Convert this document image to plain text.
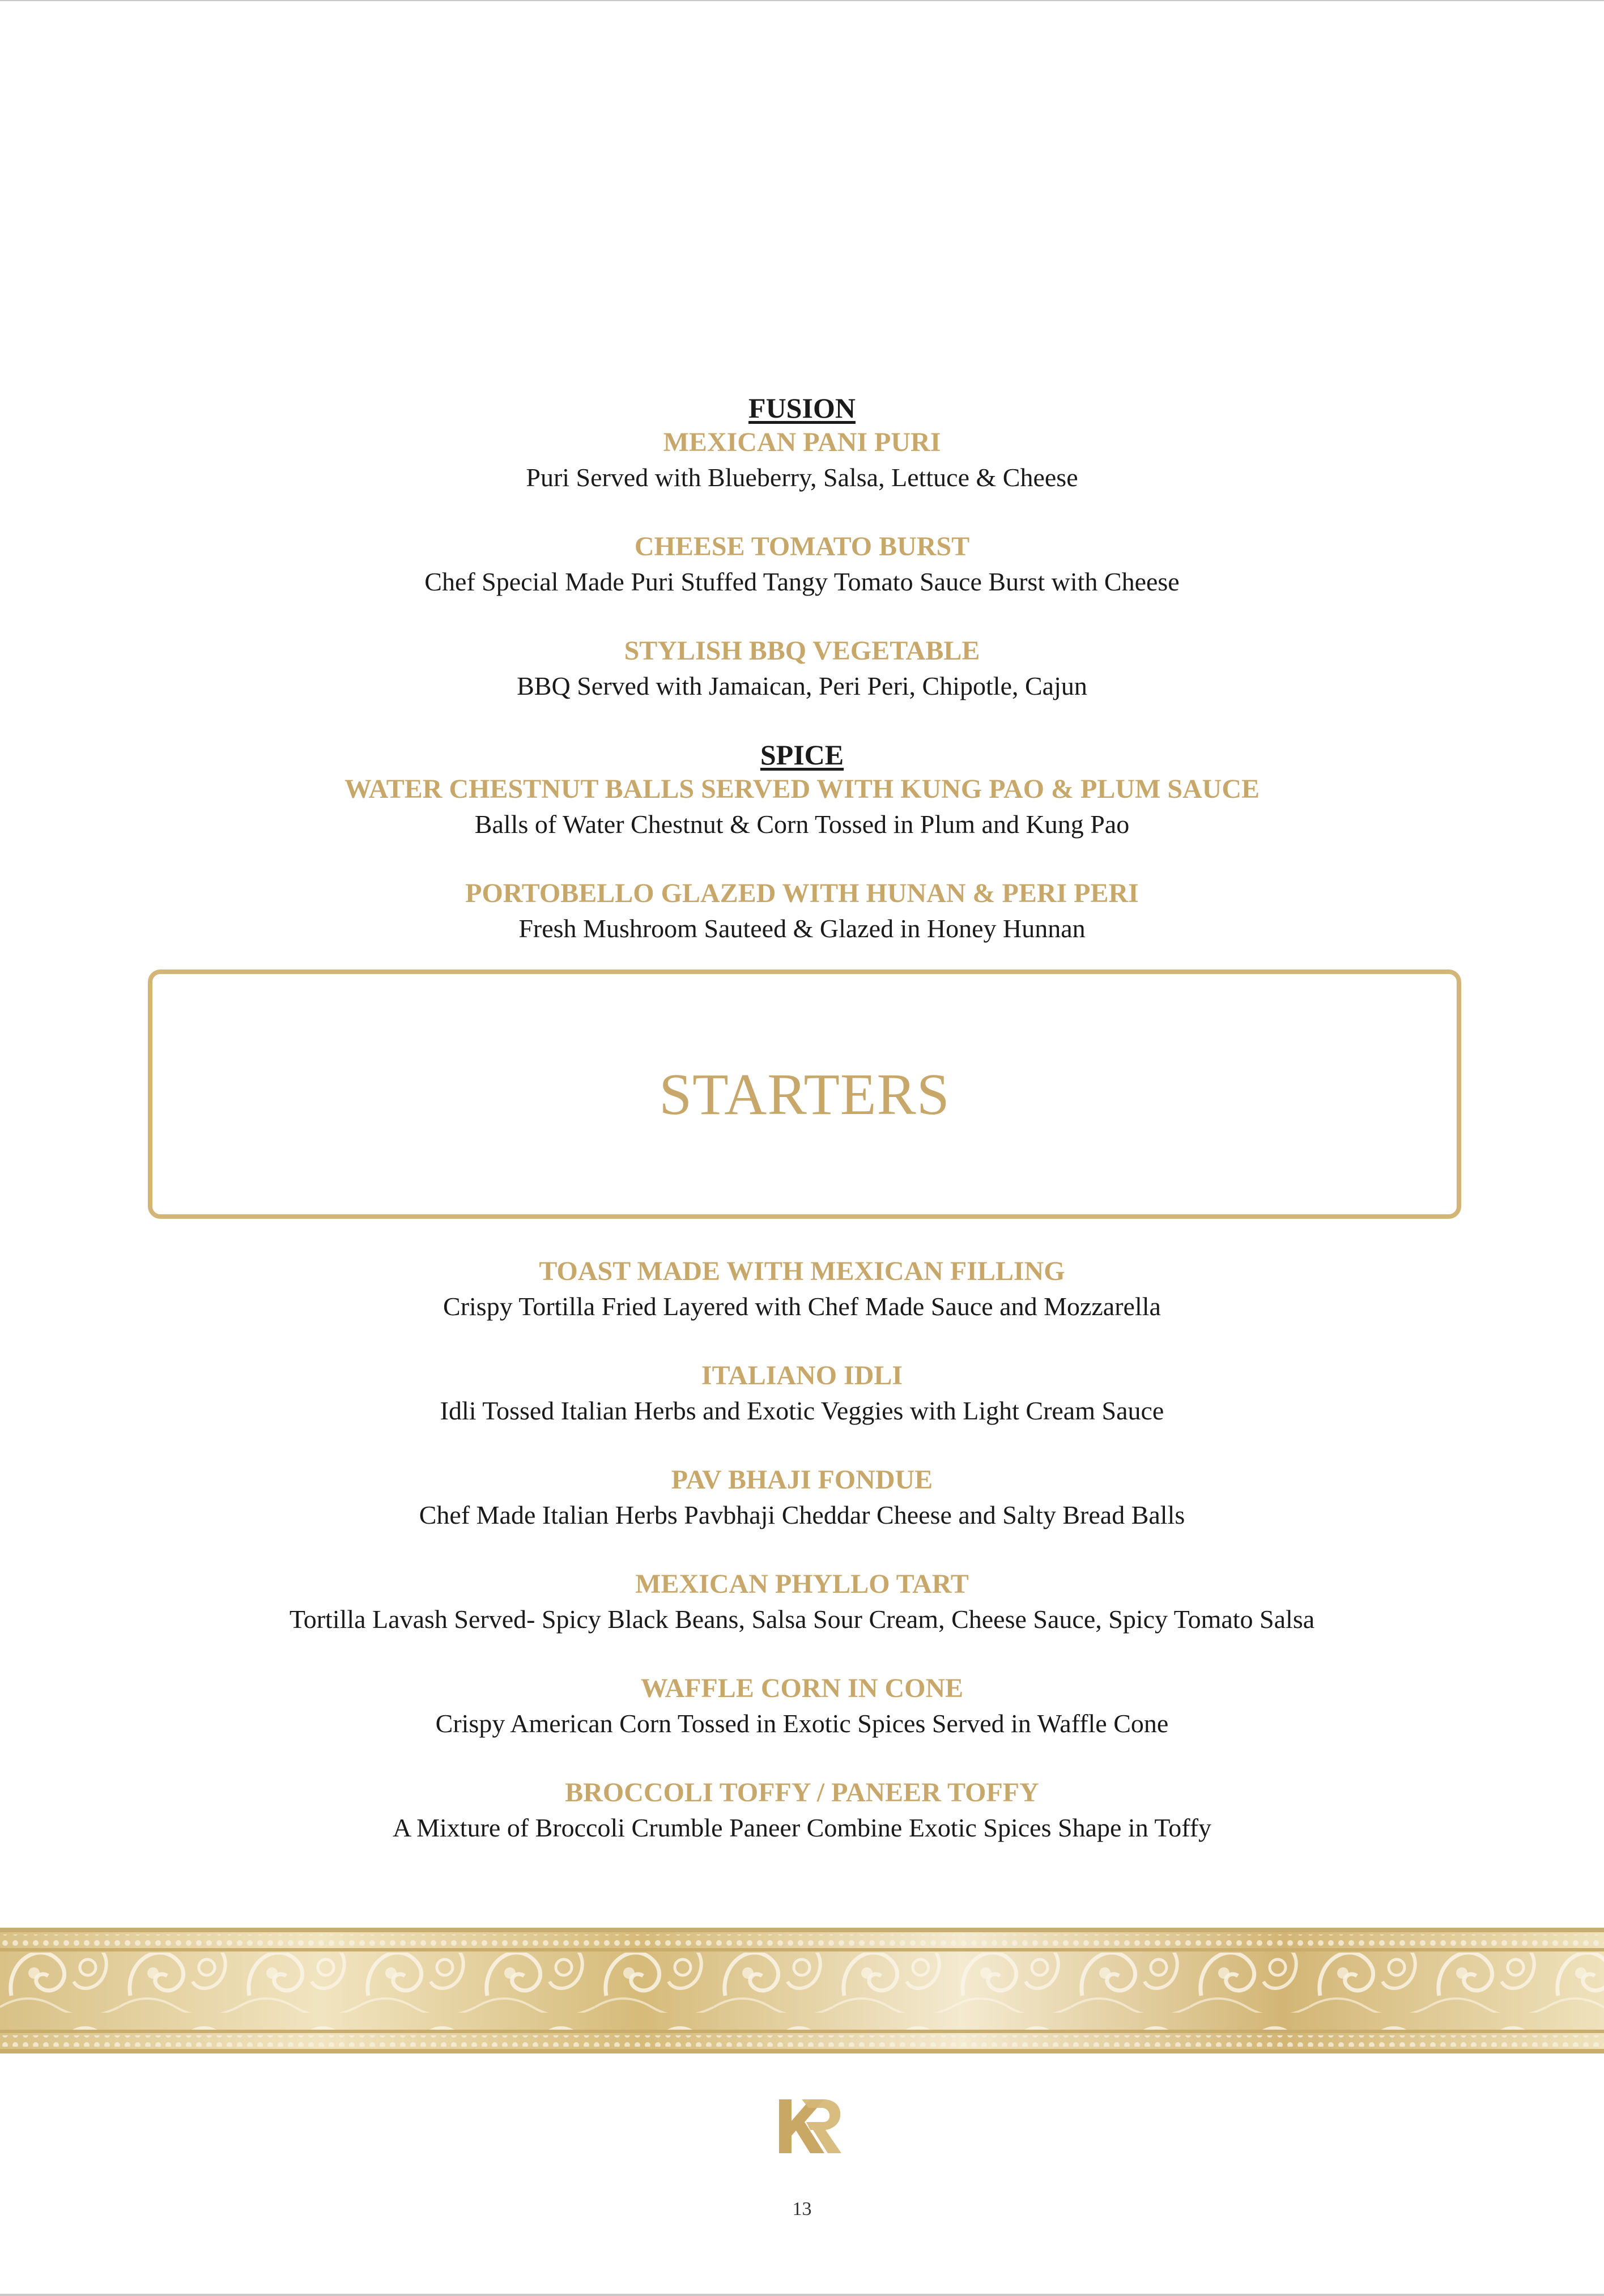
FUSION

MEXICAN PANI PURI

Puri Served with Blueberry, Salsa, Lettuce & Cheese

CHEESE TOMATO BURST

Chef Special Made Puri Stuffed Tangy Tomato Sauce Burst with Cheese

STYLISH BBQ VEGETABLE

BBQ Served with Jamaican, Peri Peri, Chipotle, Cajun

SPICE

WATER CHESTNUT BALLS SERVED WITH KUNG PAO & PLUM SAUCE

Balls of Water Chestnut & Corn Tossed in Plum and Kung Pao

PORTOBELLO GLAZED WITH HUNAN & PERI PERI

Fresh Mushroom Sauteed & Glazed in Honey Hunnan

STARTERS

TOAST MADE WITH MEXICAN FILLING

Crispy Tortilla Fried Layered with Chef Made Sauce and Mozzarella

ITALIANO IDLI

Idli Tossed Italian Herbs and Exotic Veggies with Light Cream Sauce

PAV BHAJI FONDUE

Chef Made Italian Herbs Pavbhaji Cheddar Cheese and Salty Bread Balls

MEXICAN PHYLLO TART

Tortilla Lavash Served- Spicy Black Beans, Salsa Sour Cream, Cheese Sauce, Spicy Tomato Salsa

WAFFLE CORN IN CONE

Crispy American Corn Tossed in Exotic Spices Served in Waffle Cone

BROCCOLI TOFFY / PANEER TOFFY

A Mixture of Broccoli Crumble Paneer Combine Exotic Spices Shape in Toffy

13
